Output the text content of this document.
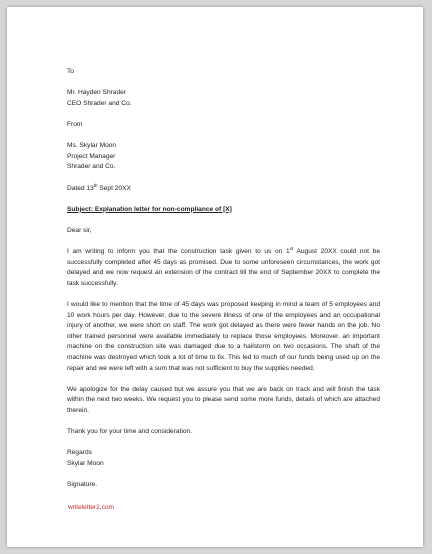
To

Mr. Hayden Shrader

CEO Shrader and Co.

From

Ms. Skylar Moon

Project Manager

Shrader and Co.

Dated 13th Sept 20XX

Subject: Explanation letter for non-compliance of [X]

Dear sir,

I am writing to inform you that the construction task given to us on 1st August 20XX could not be successfully completed after 45 days as promised. Due to some unforeseen circumstances, the work got delayed and we now request an extension of the contract till the end of September 20XX to complete the task successfully.

I would like to mention that the time of 45 days was proposed keeping in mind a team of 5 employees and 10 work hours per day. However, due to the severe illness of one of the employees and an occupational injury of another, we were short on staff. The work got delayed as there were fewer hands on the job. No other trained personnel were available immediately to replace those employees. Moreover, an important machine on the construction site was damaged due to a hailstorm on two occasions. The shaft of the machine was destroyed which took a lot of time to fix. This led to much of our funds being used up on the repair and we were left with a sum that was not sufficient to buy the supplies needed.

We apologize for the delay caused but we assure you that we are back on track and will finish the task within the next two weeks. We request you to please send some more funds, details of which are attached therein.

Thank you for your time and consideration.

Regards

Skylar Moon

Signature.

writeletter2.com
